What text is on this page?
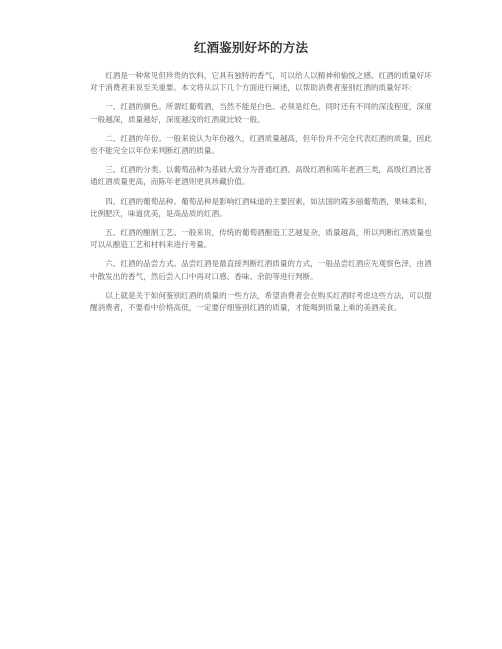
红酒鉴别好坏的方法

红酒是一种常见但珍贵的饮料，它具有独特的香气，可以给人以精神和愉悦之感。红酒的质量好坏对于消费者来说至关重要。本文将从以下几个方面进行阐述，以帮助消费者鉴别红酒的质量好坏：

一、红酒的颜色。所谓红葡萄酒，当然不能是白色、必须是红色，同时还有不同的深浅程度，深度一般越深，质量越好，深度越浅的红酒就比较一般。

二、红酒的年份。一般来说认为年份越久，红酒质量越高，但年份并不完全代表红酒的质量，因此也不能完全以年份来判断红酒的质量。

三、红酒的分类。以葡萄品种为基础大致分为普通红酒、高级红酒和陈年老酒三类，高级红酒比普通红酒质量更高，而陈年老酒则更具珍藏价值。

四、红酒的葡萄品种。葡萄品种是影响红酒味道的主要因素，如法国的霞多丽葡萄酒，果味柔和，比例肥沃，味道优美，是高品质的红酒。

五、红酒的酿制工艺。一般来说，传统的葡萄酒酿造工艺越复杂，质量越高，所以判断红酒质量也可以从酿造工艺和材料来进行考量。

六、红酒的品尝方式。品尝红酒是最直接判断红酒质量的方式，一般品尝红酒应先观察色泽，由酒中散发出的香气，然后尝入口中再对口感、香味、余韵等进行判断。

以上就是关于如何鉴别红酒的质量的一些方法，希望消费者会在购买红酒时考虑这些方法，可以提醒消费者，不要看中价格高低，一定要仔细鉴别红酒的质量，才能喝到质量上乘的美酒美食。
